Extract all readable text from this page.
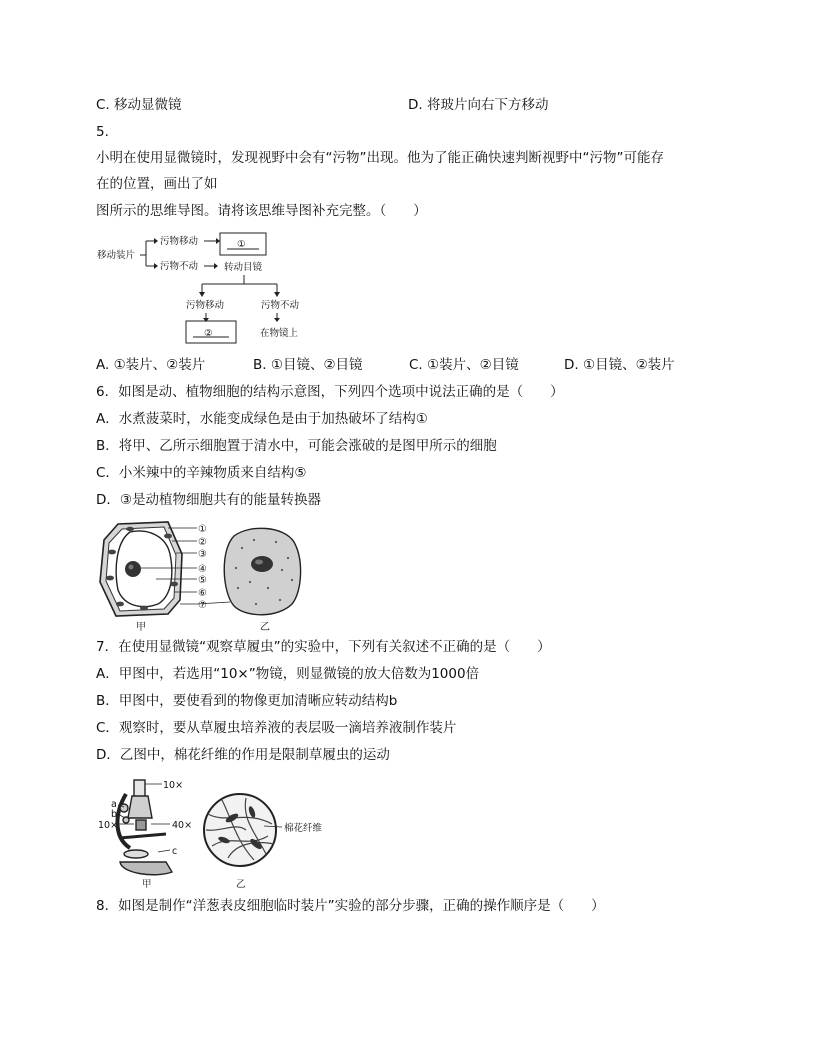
C. 移动显微镜	D. 将玻片向右下方移动
5.
小明在使用显微镜时，发现视野中会有“污物”出现。他为了能正确快速判断视野中“污物”可能存
在的位置，画出了如
图所示的思维导图。请将该思维导图补充完整。（　　）
移动装片
污物移动
污物不动
①
转动目镜
污物移动	污物不动
②	在物镜上
A. ①装片、②装片	B. ①目镜、②目镜	C. ①装片、②目镜	D. ①目镜、②装片
6．如图是动、植物细胞的结构示意图，下列四个选项中说法正确的是（　　）
A．水煮菠菜时，水能变成绿色是由于加热破坏了结构①
B．将甲、乙所示细胞置于清水中，可能会涨破的是图甲所示的细胞
C．小米辣中的辛辣物质来自结构⑤
D．③是动植物细胞共有的能量转换器
①
②
③
④
⑤
⑥
⑦
甲	乙
7．在使用显微镜“观察草履虫”的实验中，下列有关叙述不正确的是（　　）
A．甲图中，若选用“10×”物镜，则显微镜的放大倍数为1000倍
B．甲图中，要使看到的物像更加清晰应转动结构b
C．观察时，要从草履虫培养液的表层吸一滴培养液制作装片
D．乙图中，棉花纤维的作用是限制草履虫的运动
10×
a
b
10×	40×
c
甲	乙
棉花纤维
8．如图是制作“洋葱表皮细胞临时装片”实验的部分步骤，正确的操作顺序是（　　）
